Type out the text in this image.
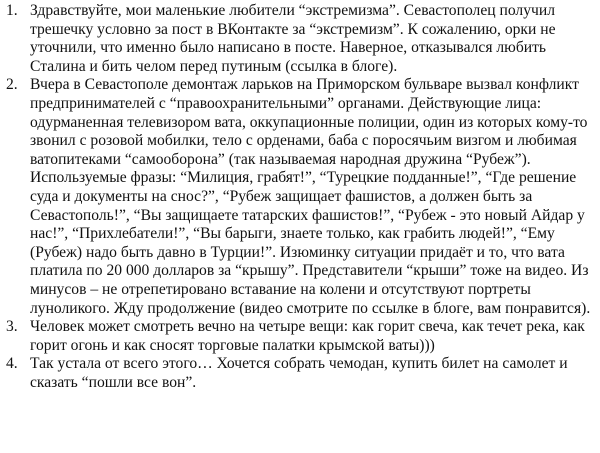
1. Здравствуйте, мои маленькие любители “экстремизма”. Севастополец получил трешечку условно за пост в ВКонтакте за “экстремизм”. К сожалению, орки не уточнили, что именно было написано в посте. Наверное, отказывался любить Сталина и бить челом перед путиным (ссылка в блоге).
2. Вчера в Севастополе демонтаж ларьков на Приморском бульваре вызвал конфликт предпринимателей с “правоохранительными” органами. Действующие лица: одурманенная телевизором вата, оккупационные полиции, один из которых кому-то звонил с розовой мобилки, тело с орденами, баба с поросячьим визгом и любимая ватопитеками “самооборона” (так называемая народная дружина “Рубеж”). Используемые фразы: “Милиция, грабят!”, “Турецкие подданные!”, “Где решение суда и документы на снос?”, “Рубеж защищает фашистов, а должен быть за Севастополь!”, “Вы защищаете татарских фашистов!”, “Рубеж - это новый Айдар у нас!”, “Прихлебатели!”, “Вы барыги, знаете только, как грабить людей!”, “Ему (Рубеж) надо быть давно в Турции!”. Изюминку ситуации придаёт и то, что вата платила по 20 000 долларов за “крышу”. Представители “крыши” тоже на видео. Из минусов – не отрепетировано вставание на колени и отсутствуют портреты луноликого. Жду продолжение (видео смотрите по ссылке в блоге, вам понравится).
3. Человек может смотреть вечно на четыре вещи: как горит свеча, как течет река, как горит огонь и как сносят торговые палатки крымской ваты)))
4. Так устала от всего этого… Хочется собрать чемодан, купить билет на самолет и сказать “пошли все вон”.
